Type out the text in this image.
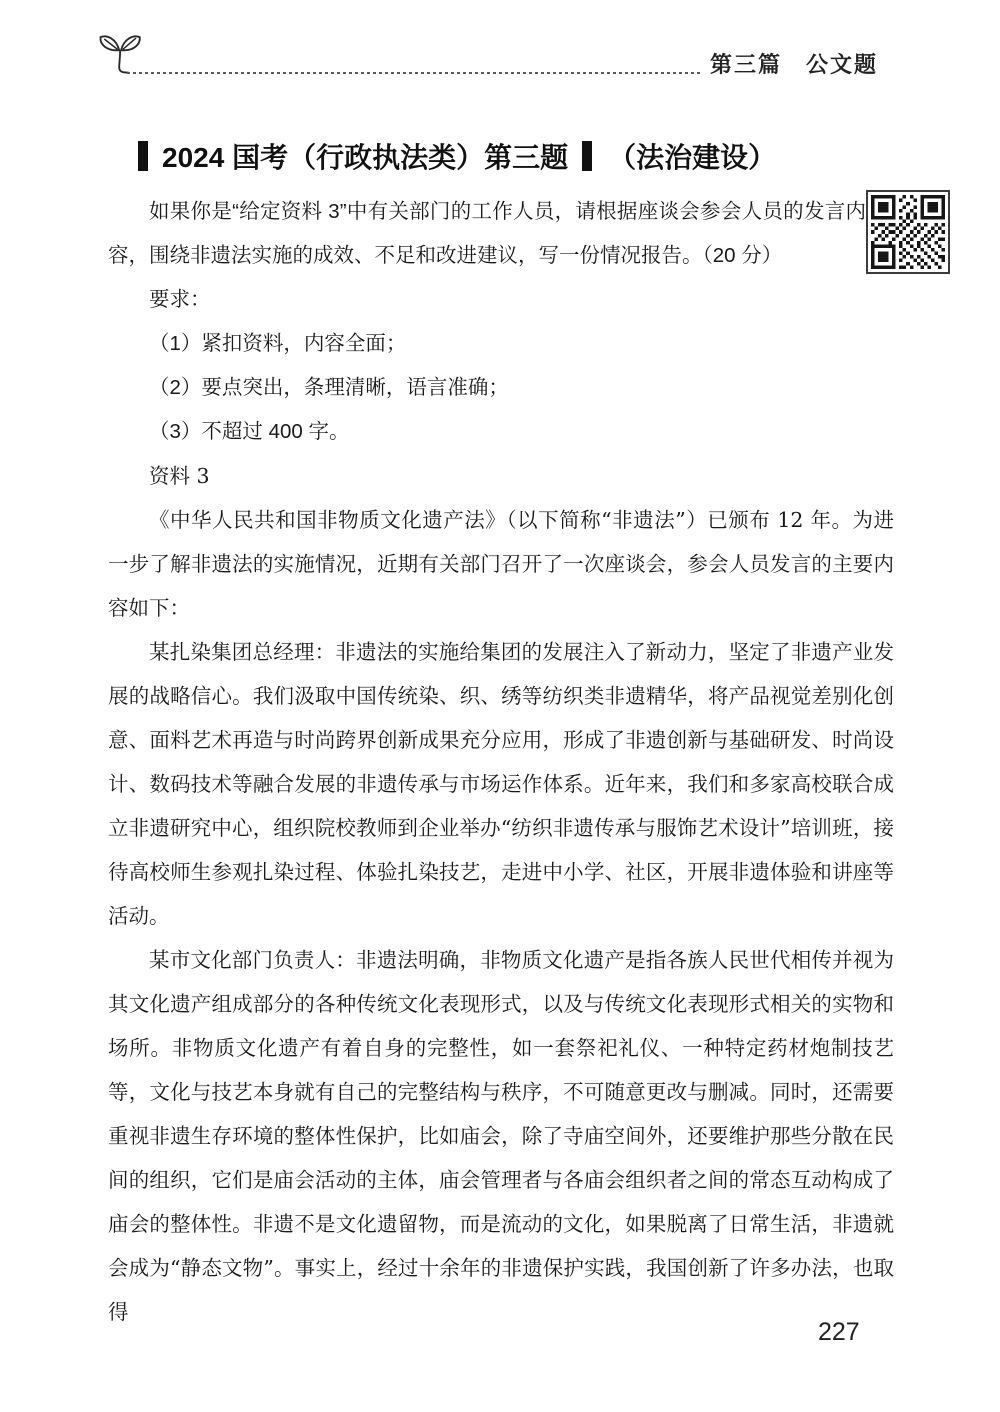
第三篇　公文题
2024 国考（行政执法类）第三题 （法治建设）

如果你是“给定资料 3”中有关部门的工作人员，请根据座谈会参会人员的发言内容，围绕非遗法实施的成效、不足和改进建议，写一份情况报告。（20 分）

要求：

（1）紧扣资料，内容全面；

（2）要点突出，条理清晰，语言准确；

（3）不超过 400 字。

资料 3

《中华人民共和国非物质文化遗产法》（以下简称“非遗法”）已颁布 12 年。为进一步了解非遗法的实施情况，近期有关部门召开了一次座谈会，参会人员发言的主要内容如下：

某扎染集团总经理：非遗法的实施给集团的发展注入了新动力，坚定了非遗产业发展的战略信心。我们汲取中国传统染、织、绣等纺织类非遗精华，将产品视觉差别化创意、面料艺术再造与时尚跨界创新成果充分应用，形成了非遗创新与基础研发、时尚设计、数码技术等融合发展的非遗传承与市场运作体系。近年来，我们和多家高校联合成立非遗研究中心，组织院校教师到企业举办“纺织非遗传承与服饰艺术设计”培训班，接待高校师生参观扎染过程、体验扎染技艺，走进中小学、社区，开展非遗体验和讲座等活动。

某市文化部门负责人：非遗法明确，非物质文化遗产是指各族人民世代相传并视为其文化遗产组成部分的各种传统文化表现形式，以及与传统文化表现形式相关的实物和场所。非物质文化遗产有着自身的完整性，如一套祭祀礼仪、一种特定药材炮制技艺等，文化与技艺本身就有自己的完整结构与秩序，不可随意更改与删减。同时，还需要重视非遗生存环境的整体性保护，比如庙会，除了寺庙空间外，还要维护那些分散在民间的组织，它们是庙会活动的主体，庙会管理者与各庙会组织者之间的常态互动构成了庙会的整体性。非遗不是文化遗留物，而是流动的文化，如果脱离了日常生活，非遗就会成为“静态文物”。事实上，经过十余年的非遗保护实践，我国创新了许多办法，也取得

227
